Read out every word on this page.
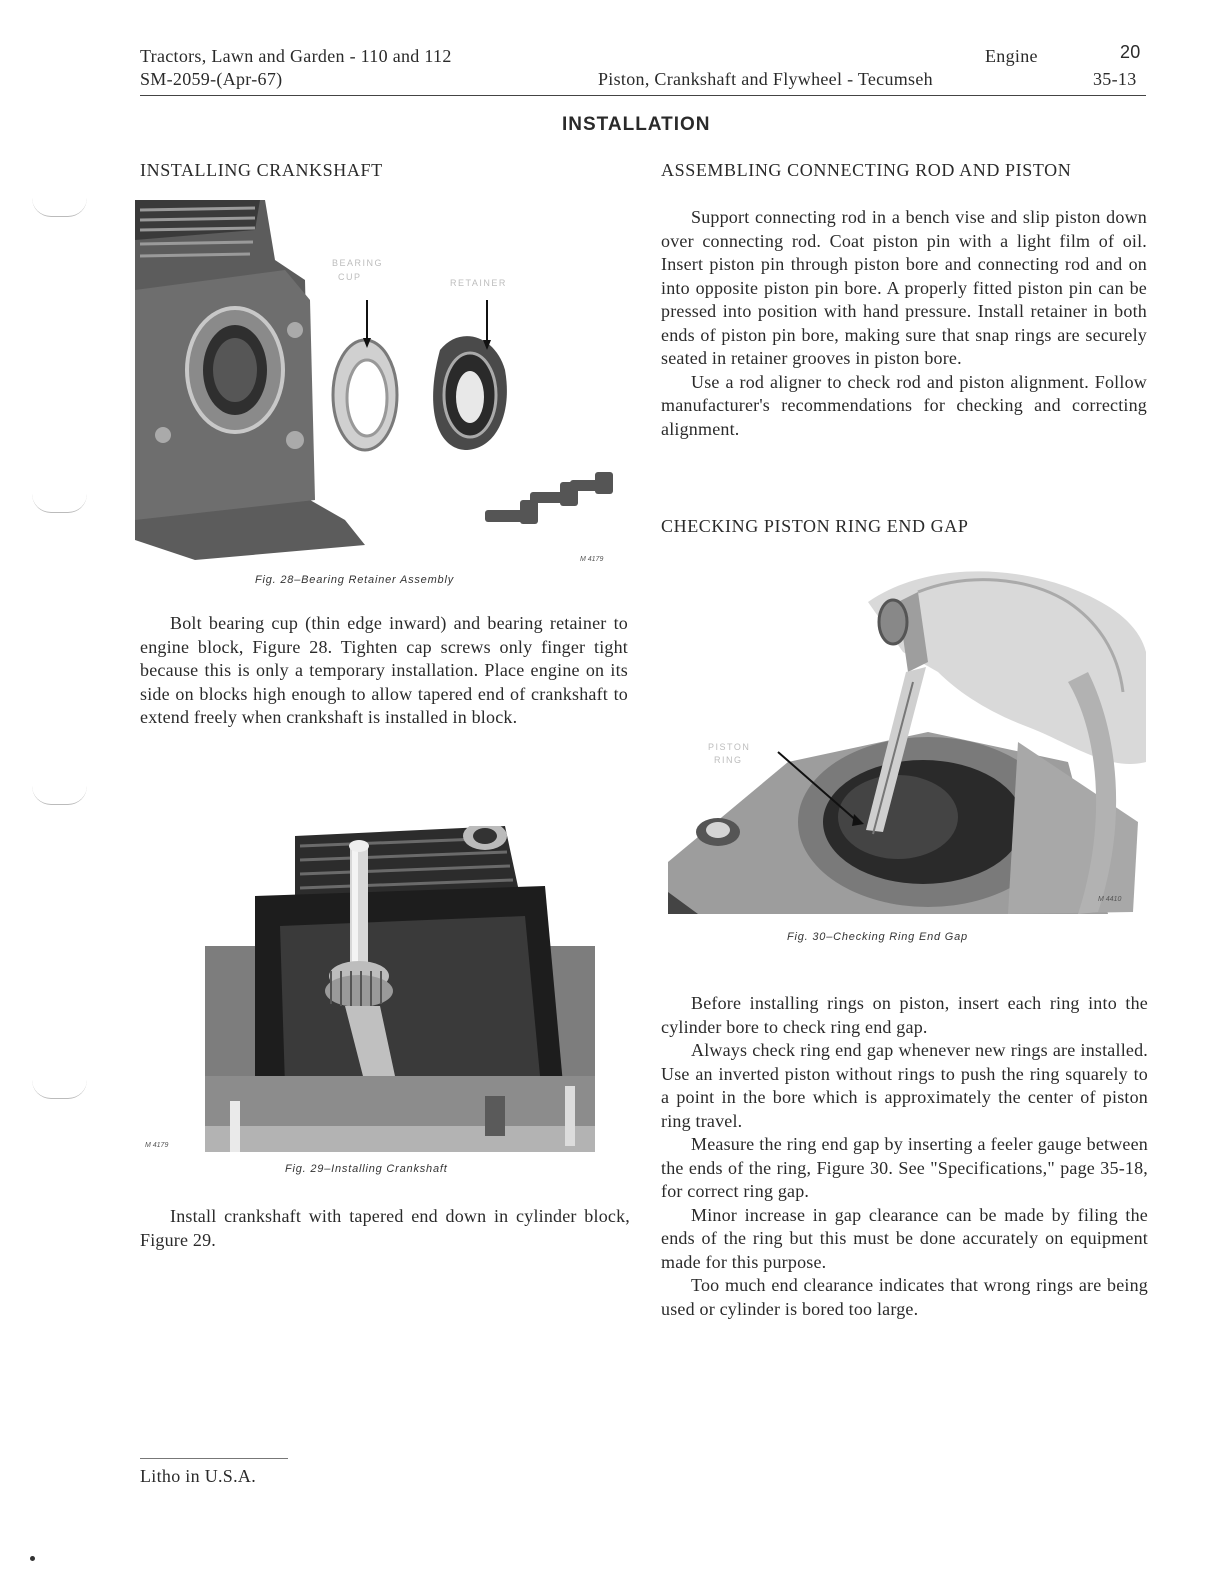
Tractors, Lawn and Garden - 110 and 112
SM-2059-(Apr-67)
Engine	20
Piston, Crankshaft and Flywheel - Tecumseh	35-13
INSTALLATION
INSTALLING CRANKSHAFT
BEARING
CUP
RETAINER
M 4179
Fig. 28–Bearing Retainer Assembly

Bolt bearing cup (thin edge inward) and bearing retainer to engine block, Figure 28. Tighten cap screws only finger tight because this is only a temporary installation. Place engine on its side on blocks high enough to allow tapered end of crankshaft to extend freely when crankshaft is installed in block.

M 4179
Fig. 29–Installing Crankshaft

Install crankshaft with tapered end down in cylinder block, Figure 29.

ASSEMBLING CONNECTING ROD AND PISTON

Support connecting rod in a bench vise and slip piston down over connecting rod. Coat piston pin with a light film of oil. Insert piston pin through piston bore and connecting rod and on into opposite piston pin bore. A properly fitted piston pin can be pressed into position with hand pressure. Install retainer in both ends of piston pin bore, making sure that snap rings are securely seated in retainer grooves in piston bore.

Use a rod aligner to check rod and piston alignment. Follow manufacturer's recommendations for checking and correcting alignment.

CHECKING PISTON RING END GAP
PISTON
RING
M 4410
Fig. 30–Checking Ring End Gap

Before installing rings on piston, insert each ring into the cylinder bore to check ring end gap.

Always check ring end gap whenever new rings are installed. Use an inverted piston without rings to push the ring squarely to a point in the bore which is approximately the center of piston ring travel.

Measure the ring end gap by inserting a feeler gauge between the ends of the ring, Figure 30. See "Specifications," page 35-18, for correct ring gap.

Minor increase in gap clearance can be made by filing the ends of the ring but this must be done accurately on equipment made for this purpose.

Too much end clearance indicates that wrong rings are being used or cylinder is bored too large.

Litho in U.S.A.
